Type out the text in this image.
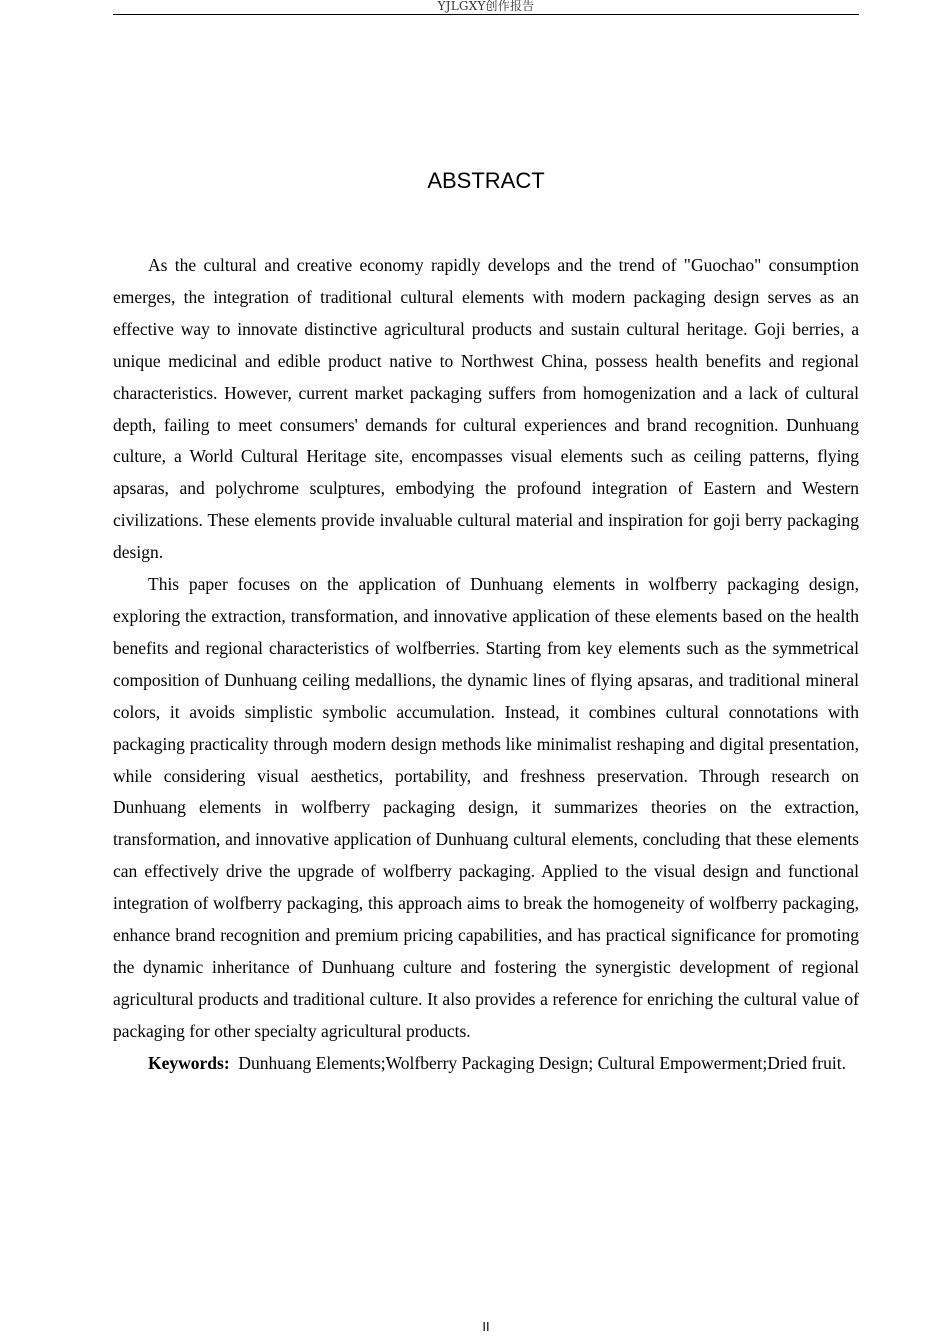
YJLGXY创作报告
ABSTRACT

As the cultural and creative economy rapidly develops and the trend of "Guochao" consumption emerges, the integration of traditional cultural elements with modern packaging design serves as an effective way to innovate distinctive agricultural products and sustain cultural heritage. Goji berries, a unique medicinal and edible product native to Northwest China, possess health benefits and regional characteristics. However, current market packaging suffers from homogenization and a lack of cultural depth, failing to meet consumers' demands for cultural experiences and brand recognition. Dunhuang culture, a World Cultural Heritage site, encompasses visual elements such as ceiling patterns, flying apsaras, and polychrome sculptures, embodying the profound integration of Eastern and Western civilizations. These elements provide invaluable cultural material and inspiration for goji berry packaging design.

This paper focuses on the application of Dunhuang elements in wolfberry packaging design, exploring the extraction, transformation, and innovative application of these elements based on the health benefits and regional characteristics of wolfberries. Starting from key elements such as the symmetrical composition of Dunhuang ceiling medallions, the dynamic lines of flying apsaras, and traditional mineral colors, it avoids simplistic symbolic accumulation. Instead, it combines cultural connotations with packaging practicality through modern design methods like minimalist reshaping and digital presentation, while considering visual aesthetics, portability, and freshness preservation. Through research on Dunhuang elements in wolfberry packaging design, it summarizes theories on the extraction, transformation, and innovative application of Dunhuang cultural elements, concluding that these elements can effectively drive the upgrade of wolfberry packaging. Applied to the visual design and functional integration of wolfberry packaging, this approach aims to break the homogeneity of wolfberry packaging, enhance brand recognition and premium pricing capabilities, and has practical significance for promoting the dynamic inheritance of Dunhuang culture and fostering the synergistic development of regional agricultural products and traditional culture. It also provides a reference for enriching the cultural value of packaging for other specialty agricultural products.

Keywords: Dunhuang Elements;Wolfberry Packaging Design; Cultural Empowerment;Dried fruit.

II
